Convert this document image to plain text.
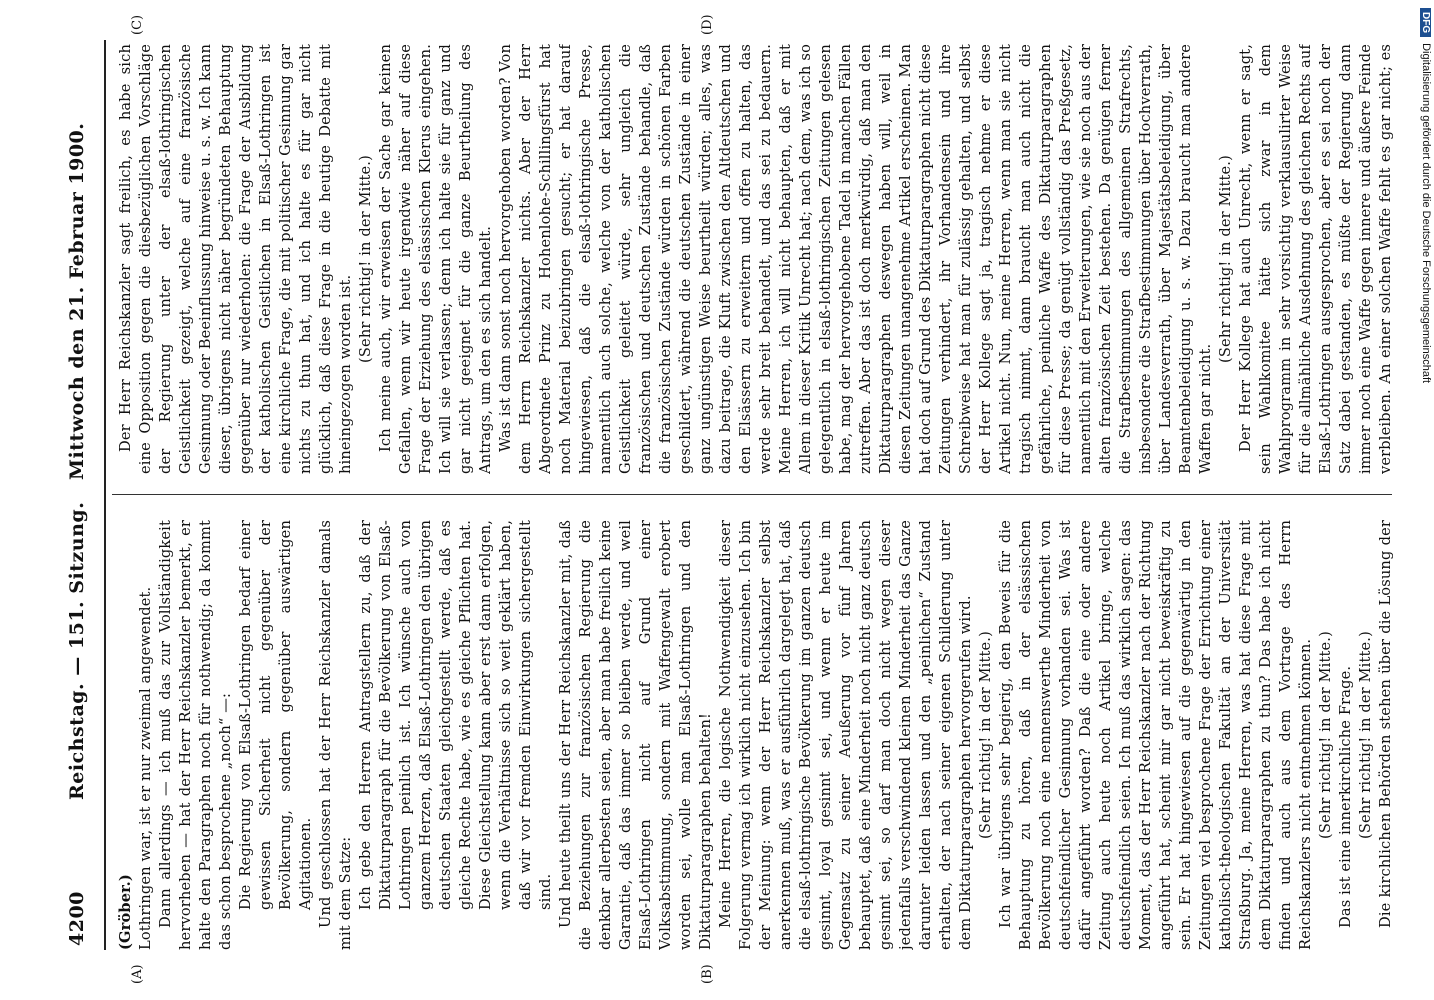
4200
Reichstag. — 151. Sitzung.
Mittwoch den 21. Februar 1900.
(A)	(B)
(C)	(D)

(Gröber.) Lothringen war, ist er nur zweimal angewendet. Dann allerdings — ich muß das zur Vollständigkeit hervorheben — hat der Herr Reichskanzler bemerkt, er halte den Paragraphen noch für nothwendig; da kommt das schon besprochene „noch“ —: Die Regierung von Elsaß-Lothringen bedarf einer gewissen Sicherheit nicht gegenüber der Bevölkerung, sondern gegenüber auswärtigen Agitationen. Und geschlossen hat der Herr Reichskanzler damals mit dem Satze: Ich gebe den Herren Antragstellern zu, daß der Diktaturparagraph für die Bevölkerung von Elsaß-Lothringen peinlich ist. Ich wünsche auch von ganzem Herzen, daß Elsaß-Lothringen den übrigen deutschen Staaten gleichgestellt werde, daß es gleiche Rechte habe, wie es gleiche Pflichten hat. Diese Gleichstellung kann aber erst dann erfolgen, wenn die Verhältnisse sich so weit geklärt haben, daß wir vor fremden Einwirkungen sichergestellt sind. Und heute theilt uns der Herr Reichskanzler mit, daß die Beziehungen zur französischen Regierung die denkbar allerbesten seien, aber man habe freilich keine Garantie, daß das immer so bleiben werde, und weil Elsaß-Lothringen nicht auf Grund einer Volksabstimmung, sondern mit Waffengewalt erobert worden sei, wolle man Elsaß-Lothringen und den Diktaturparagraphen behalten! Meine Herren, die logische Nothwendigkeit dieser Folgerung vermag ich wirklich nicht einzusehen. Ich bin der Meinung: wenn der Herr Reichskanzler selbst anerkennen muß, was er ausführlich dargelegt hat, daß die elsaß-lothringische Bevölkerung im ganzen deutsch gesinnt, loyal gesinnt sei, und wenn er heute im Gegensatz zu seiner Aeußerung vor fünf Jahren behauptet, daß eine Minderheit noch nicht ganz deutsch gesinnt sei, so darf man doch nicht wegen dieser jedenfalls verschwindend kleinen Minderheit das Ganze darunter leiden lassen und den „peinlichen“ Zustand erhalten, der nach seiner eigenen Schilderung unter dem Diktaturparagraphen hervorgerufen wird. (Sehr richtig! in der Mitte.) Ich war übrigens sehr begierig, den Beweis für die Behauptung zu hören, daß in der elsässischen Bevölkerung noch eine nennenswerthe Minderheit von deutschfeindlicher Gesinnung vorhanden sei. Was ist dafür angeführt worden? Daß die eine oder andere Zeitung auch heute noch Artikel bringe, welche deutschfeindlich seien. Ich muß das wirklich sagen: das Moment, das der Herr Reichskanzler nach der Richtung angeführt hat, scheint mir gar nicht beweiskräftig zu sein. Er hat hingewiesen auf die gegenwärtig in den Zeitungen viel besprochene Frage der Errichtung einer katholisch-theologischen Fakultät an der Universität Straßburg. Ja, meine Herren, was hat diese Frage mit dem Diktaturparagraphen zu thun? Das habe ich nicht finden und auch aus dem Vortrage des Herrn Reichskanzlers nicht entnehmen können. (Sehr richtig! in der Mitte.) Das ist eine innerkirchliche Frage. (Sehr richtig! in der Mitte.)

Die kirchlichen Behörden stehen über die Lösung der

Der Herr Reichskanzler sagt freilich, es habe sich eine Opposition gegen die diesbezüglichen Vorschläge der Regierung unter der elsaß-lothringischen Geistlichkeit gezeigt, welche auf eine französische Gesinnung oder Beeinflussung hinweise u. s. w. Ich kann dieser, übrigens nicht näher begründeten Behauptung gegenüber nur wiederholen: die Frage der Ausbildung der katholischen Geistlichen in Elsaß-Lothringen ist eine kirchliche Frage, die mit politischer Gesinnung gar nichts zu thun hat, und ich halte es für gar nicht glücklich, daß diese Frage in die heutige Debatte mit hineingezogen worden ist.

(Sehr richtig! in der Mitte.) Ich meine auch, wir erweisen der Sache gar keinen Gefallen, wenn wir heute irgendwie näher auf diese Frage der Erziehung des elsässischen Klerus eingehen. Ich will sie verlassen; denn ich halte sie für ganz und gar nicht geeignet für die ganze Beurtheilung des Antrags, um den es sich handelt. Was ist dann sonst noch hervorgehoben worden? Von dem Herrn Reichskanzler nichts. Aber der Herr Abgeordnete Prinz zu Hohenlohe-Schillingsfürst hat noch Material beizubringen gesucht; er hat darauf hingewiesen, daß die elsaß-lothringische Presse, namentlich auch solche, welche von der katholischen Geistlichkeit geleitet würde, sehr ungleich die französischen und deutschen Zustände behandle, daß die französischen Zustände würden in schönen Farben geschildert, während die deutschen Zustände in einer ganz ungünstigen Weise beurtheilt würden; alles, was dazu beitrage, die Kluft zwischen den Altdeutschen und den Elsässern zu erweitern und offen zu halten, das werde sehr breit behandelt, und das sei zu bedauern. Meine Herren, ich will nicht behaupten, daß er mit Allem in dieser Kritik Unrecht hat; nach dem, was ich so gelegentlich in elsaß-lothringischen Zeitungen gelesen habe, mag der hervorgehobene Tadel in manchen Fällen zutreffen. Aber das ist doch merkwürdig, daß man den Diktaturparagraphen deswegen haben will, weil in diesen Zeitungen unangenehme Artikel erscheinen. Man hat doch auf Grund des Diktaturparagraphen nicht diese Zeitungen verhindert, ihr Vorhandensein und ihre Schreibweise hat man für zulässig gehalten, und selbst der Herr Kollege sagt ja, tragisch nehme er diese Artikel nicht. Nun, meine Herren, wenn man sie nicht tragisch nimmt, dann braucht man auch nicht die gefährliche, peinliche Waffe des Diktaturparagraphen für diese Presse; da genügt vollständig das Preßgesetz, namentlich mit den Erweiterungen, wie sie noch aus der alten französischen Zeit bestehen. Da genügen ferner die Strafbestimmungen des allgemeinen Strafrechts, insbesondere die Strafbestimmungen über Hochverrath, über Landesverrath, über Majestätsbeleidigung, über Beamtenbeleidigung u. s. w. Dazu braucht man andere Waffen gar nicht.

(Sehr richtig! in der Mitte.)

Der Herr Kollege hat auch Unrecht, wenn er sagt, sein Wahlkomitee hätte sich zwar in dem Wahlprogramm in sehr vorsichtig verklausulirter Weise für die allmähliche Ausdehnung des gleichen Rechts auf Elsaß-Lothringen ausgesprochen, aber es sei noch der Satz dabei gestanden, es müßte der Regierung dann immer noch eine Waffe gegen innere und äußere Feinde verbleiben. An einer solchen Waffe fehlt es gar nicht; es

DFGDigitalisierung gefördert durch die Deutsche Forschungsgemeinschaft
